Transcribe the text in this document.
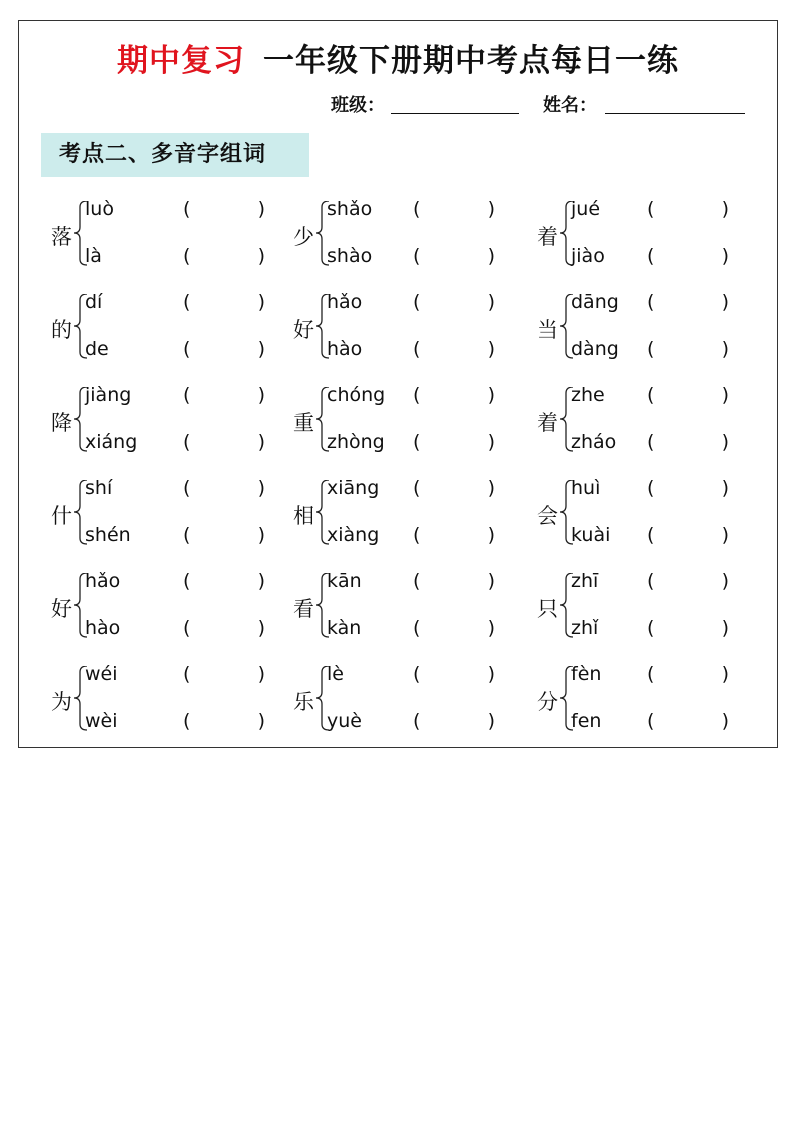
期中复习 一年级下册期中考点每日一练
班级：	姓名：
考点二、多音字组词
落
luò	(	)
là	(	)
少
shǎo (	)
shào (	)
着
jué (	)
jiào (	)
的
dí	(	)
de	(	)
好
hǎo	(	)
hào	(	)
当
dāng (	)
dàng (	)
降
jiàng	(	)
xiáng (	)
重
chóng (	)
zhòng (	)
着
zhe (	)
zháo (	)
什
shí	(	)
shén	(	)
相
xiāng (	)
xiàng (	)
会
huì (	)
kuài (	)
好
hǎo	(	)
hào	(	)
看
kān	(	)
kàn	(	)
只
zhī	(	)
zhǐ	(	)
为
wéi	(	)
wèi	(	)
乐
lè	(	)
yuè	(	)
分
fèn (	)
fen (	)
